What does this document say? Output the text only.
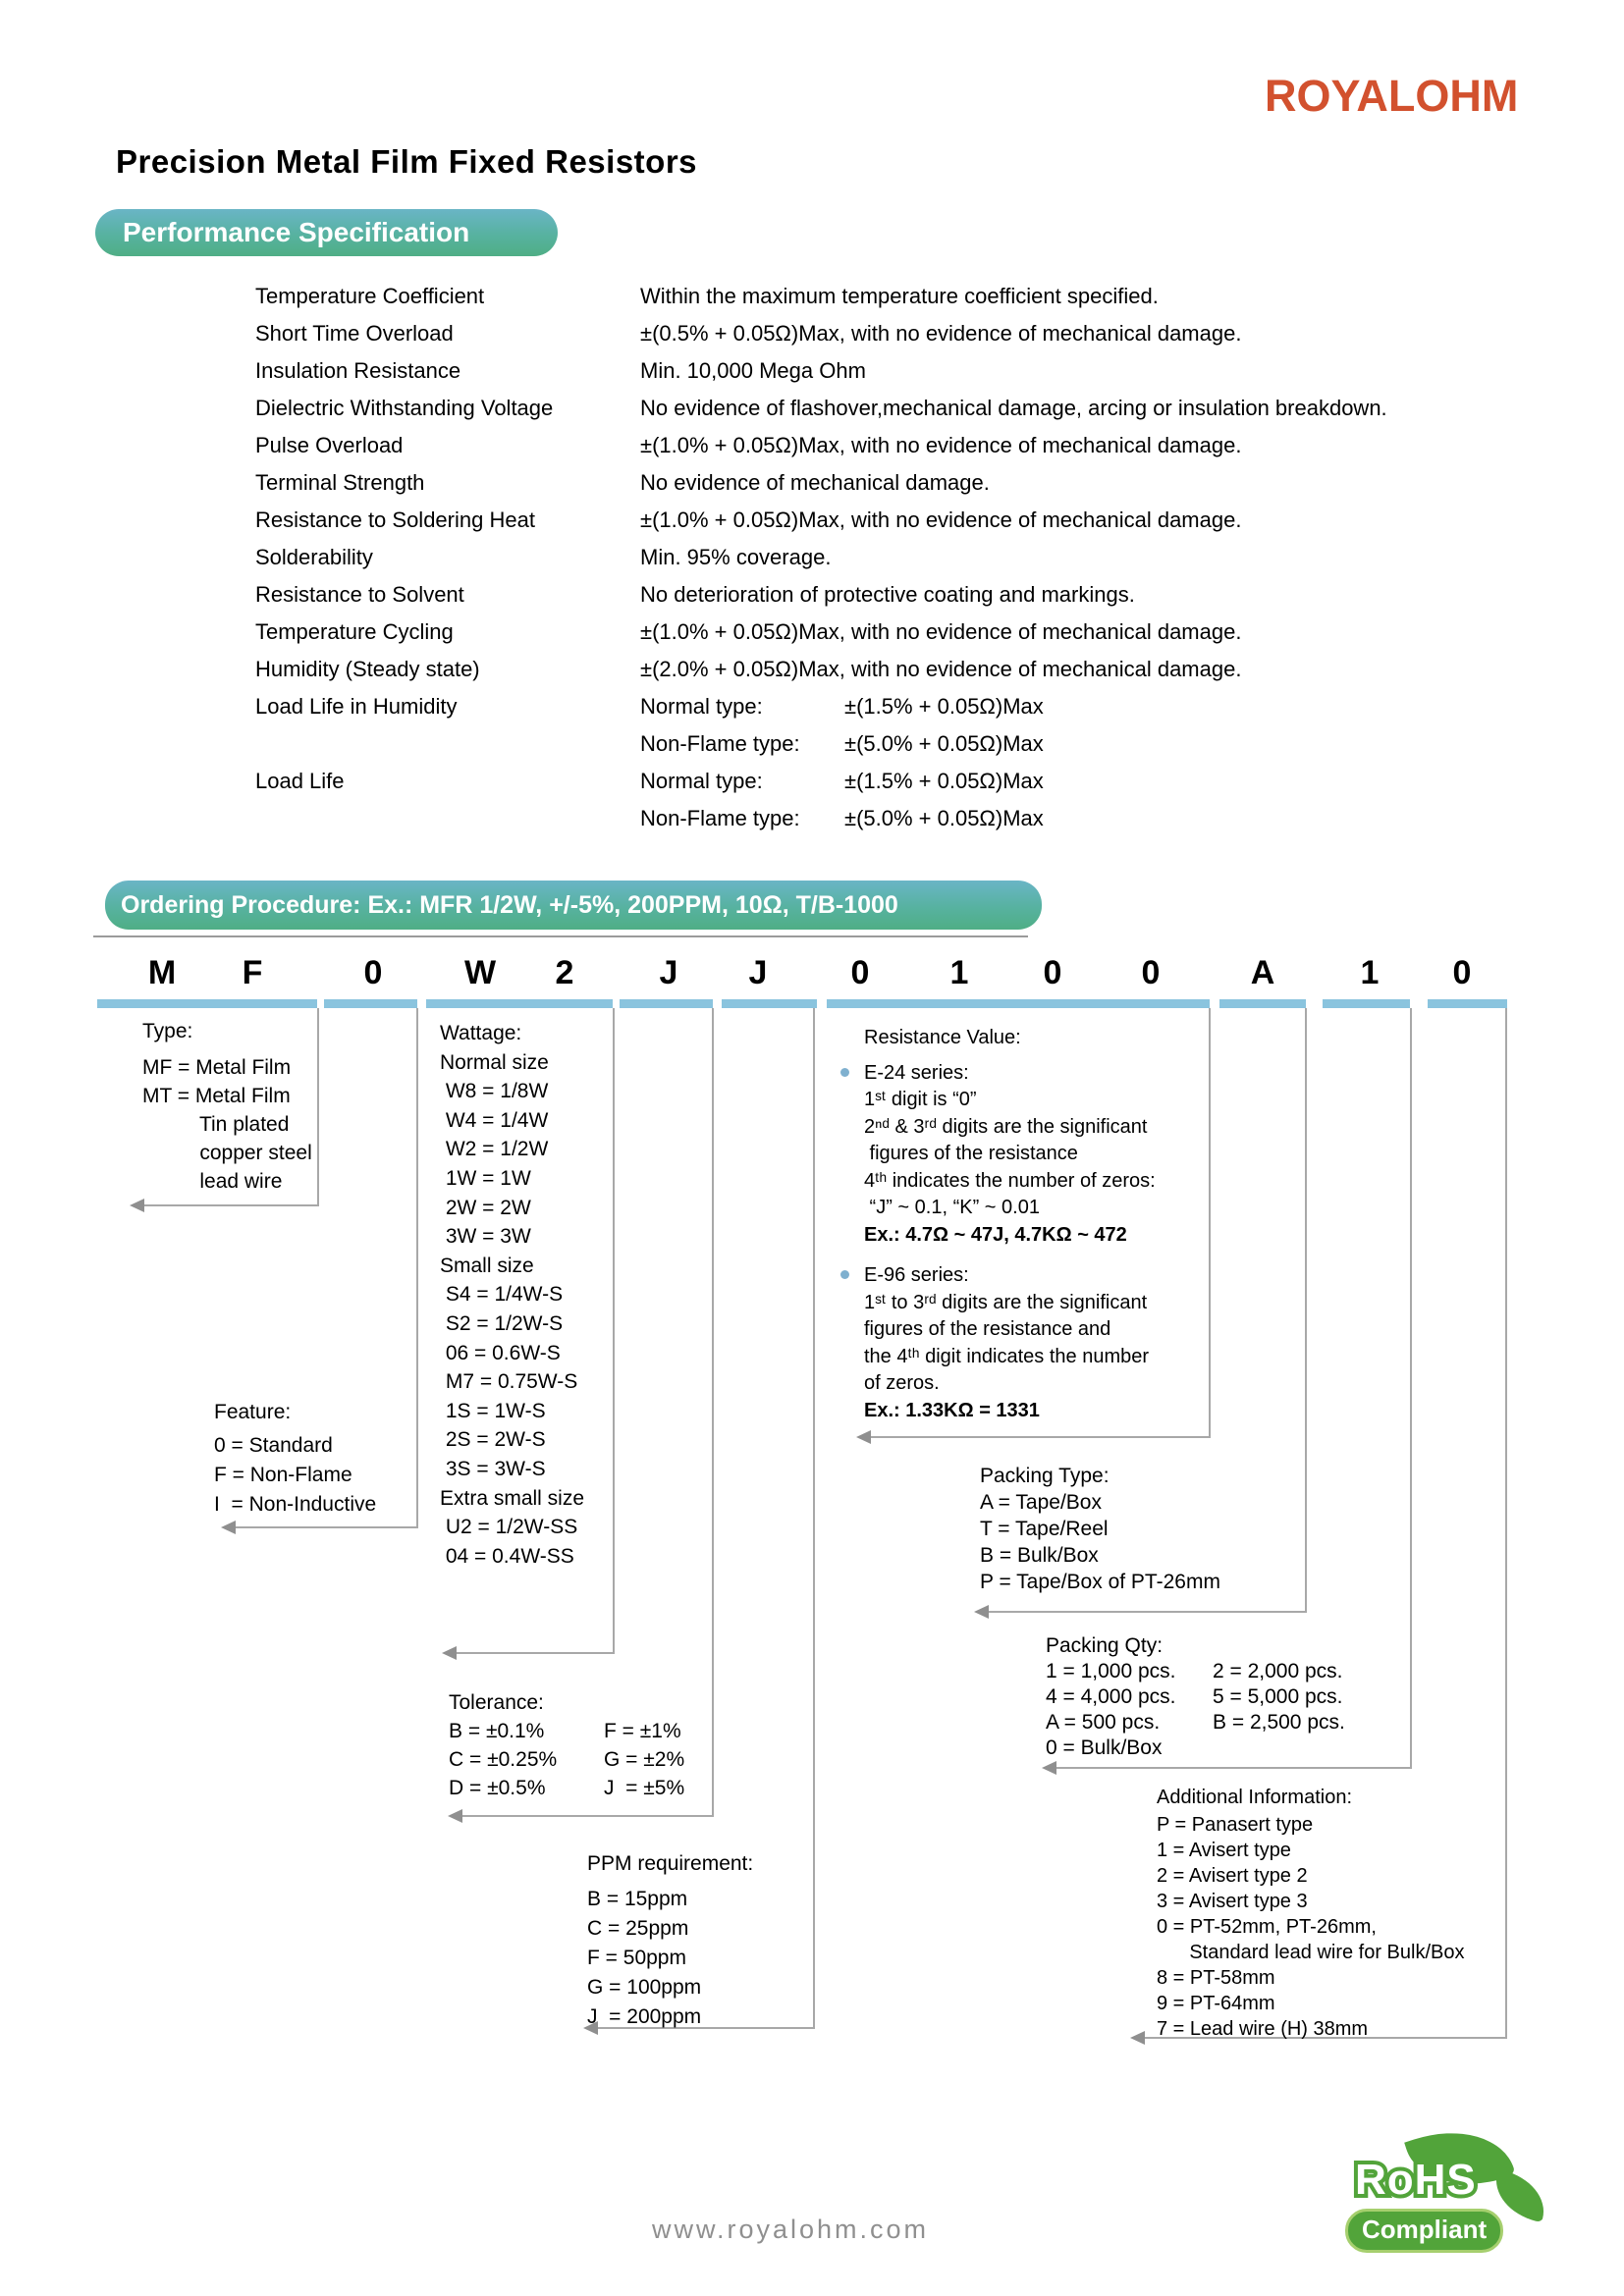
ROYALOHM
Precision Metal Film Fixed Resistors
Performance Specification
Temperature Coefficient	Within the maximum temperature coefficient specified.
Short Time Overload	±(0.5% + 0.05Ω)Max, with no evidence of mechanical damage.
Insulation Resistance	Min. 10,000 Mega Ohm
Dielectric Withstanding Voltage	No evidence of flashover,mechanical damage, arcing or insulation breakdown.
Pulse Overload	±(1.0% + 0.05Ω)Max, with no evidence of mechanical damage.
Terminal Strength	No evidence of mechanical damage.
Resistance to Soldering Heat	±(1.0% + 0.05Ω)Max, with no evidence of mechanical damage.
Solderability	Min. 95% coverage.
Resistance to Solvent	No deterioration of protective coating and markings.
Temperature Cycling	±(1.0% + 0.05Ω)Max, with no evidence of mechanical damage.
Humidity (Steady state)	±(2.0% + 0.05Ω)Max, with no evidence of mechanical damage.
Load Life in Humidity	Normal type:	±(1.5% + 0.05Ω)Max
Non-Flame type:	±(5.0% + 0.05Ω)Max
Load Life	Normal type:	±(1.5% + 0.05Ω)Max
Non-Flame type:	±(5.0% + 0.05Ω)Max
Ordering Procedure: Ex.: MFR 1/2W, +/-5%, 200PPM, 10Ω, T/B-1000
M	F	0	W	2	J	J	0	1	0	0	A	1	0
Type:
MF = Metal Film
MT = Metal Film
Tin plated
copper steel
lead wire
Feature:
0 = Standard
F = Non-Flame
I  = Non-Inductive
Wattage:
Normal size
W8 = 1/8W
W4 = 1/4W
W2 = 1/2W
1W = 1W
2W = 2W
3W = 3W
Small size
S4 = 1/4W-S
S2 = 1/2W-S
06 = 0.6W-S
M7 = 0.75W-S
1S = 1W-S
2S = 2W-S
3S = 3W-S
Extra small size
U2 = 1/2W-SS
04 = 0.4W-SS
Tolerance:
B = ±0.1%	F = ±1%
C = ±0.25%	G = ±2%
D = ±0.5%	J  = ±5%
PPM requirement:
B = 15ppm
C = 25ppm
F = 50ppm
G = 100ppm
J  = 200ppm
Resistance Value:
E-24 series:
1ˢᵗ digit is “0”
2ⁿᵈ & 3ʳᵈ digits are the significant
figures of the resistance
4ᵗʰ indicates the number of zeros:
“J” ~ 0.1, “K” ~ 0.01
Ex.: 4.7Ω ~ 47J, 4.7KΩ ~ 472
E-96 series:
1ˢᵗ to 3ʳᵈ digits are the significant
figures of the resistance and
the 4ᵗʰ digit indicates the number
of zeros.
Ex.: 1.33KΩ = 1331
Packing Type:
A = Tape/Box
T = Tape/Reel
B = Bulk/Box
P = Tape/Box of PT-26mm
Packing Qty:
1 = 1,000 pcs.	2 = 2,000 pcs.
4 = 4,000 pcs.	5 = 5,000 pcs.
A = 500 pcs.	B = 2,500 pcs.
0 = Bulk/Box
Additional Information:
P = Panasert type
1 = Avisert type
2 = Avisert type 2
3 = Avisert type 3
0 = PT-52mm, PT-26mm,
Standard lead wire for Bulk/Box
8 = PT-58mm
9 = PT-64mm
7 = Lead wire (H) 38mm
www.royalohm.com
RoHS
Compliant
